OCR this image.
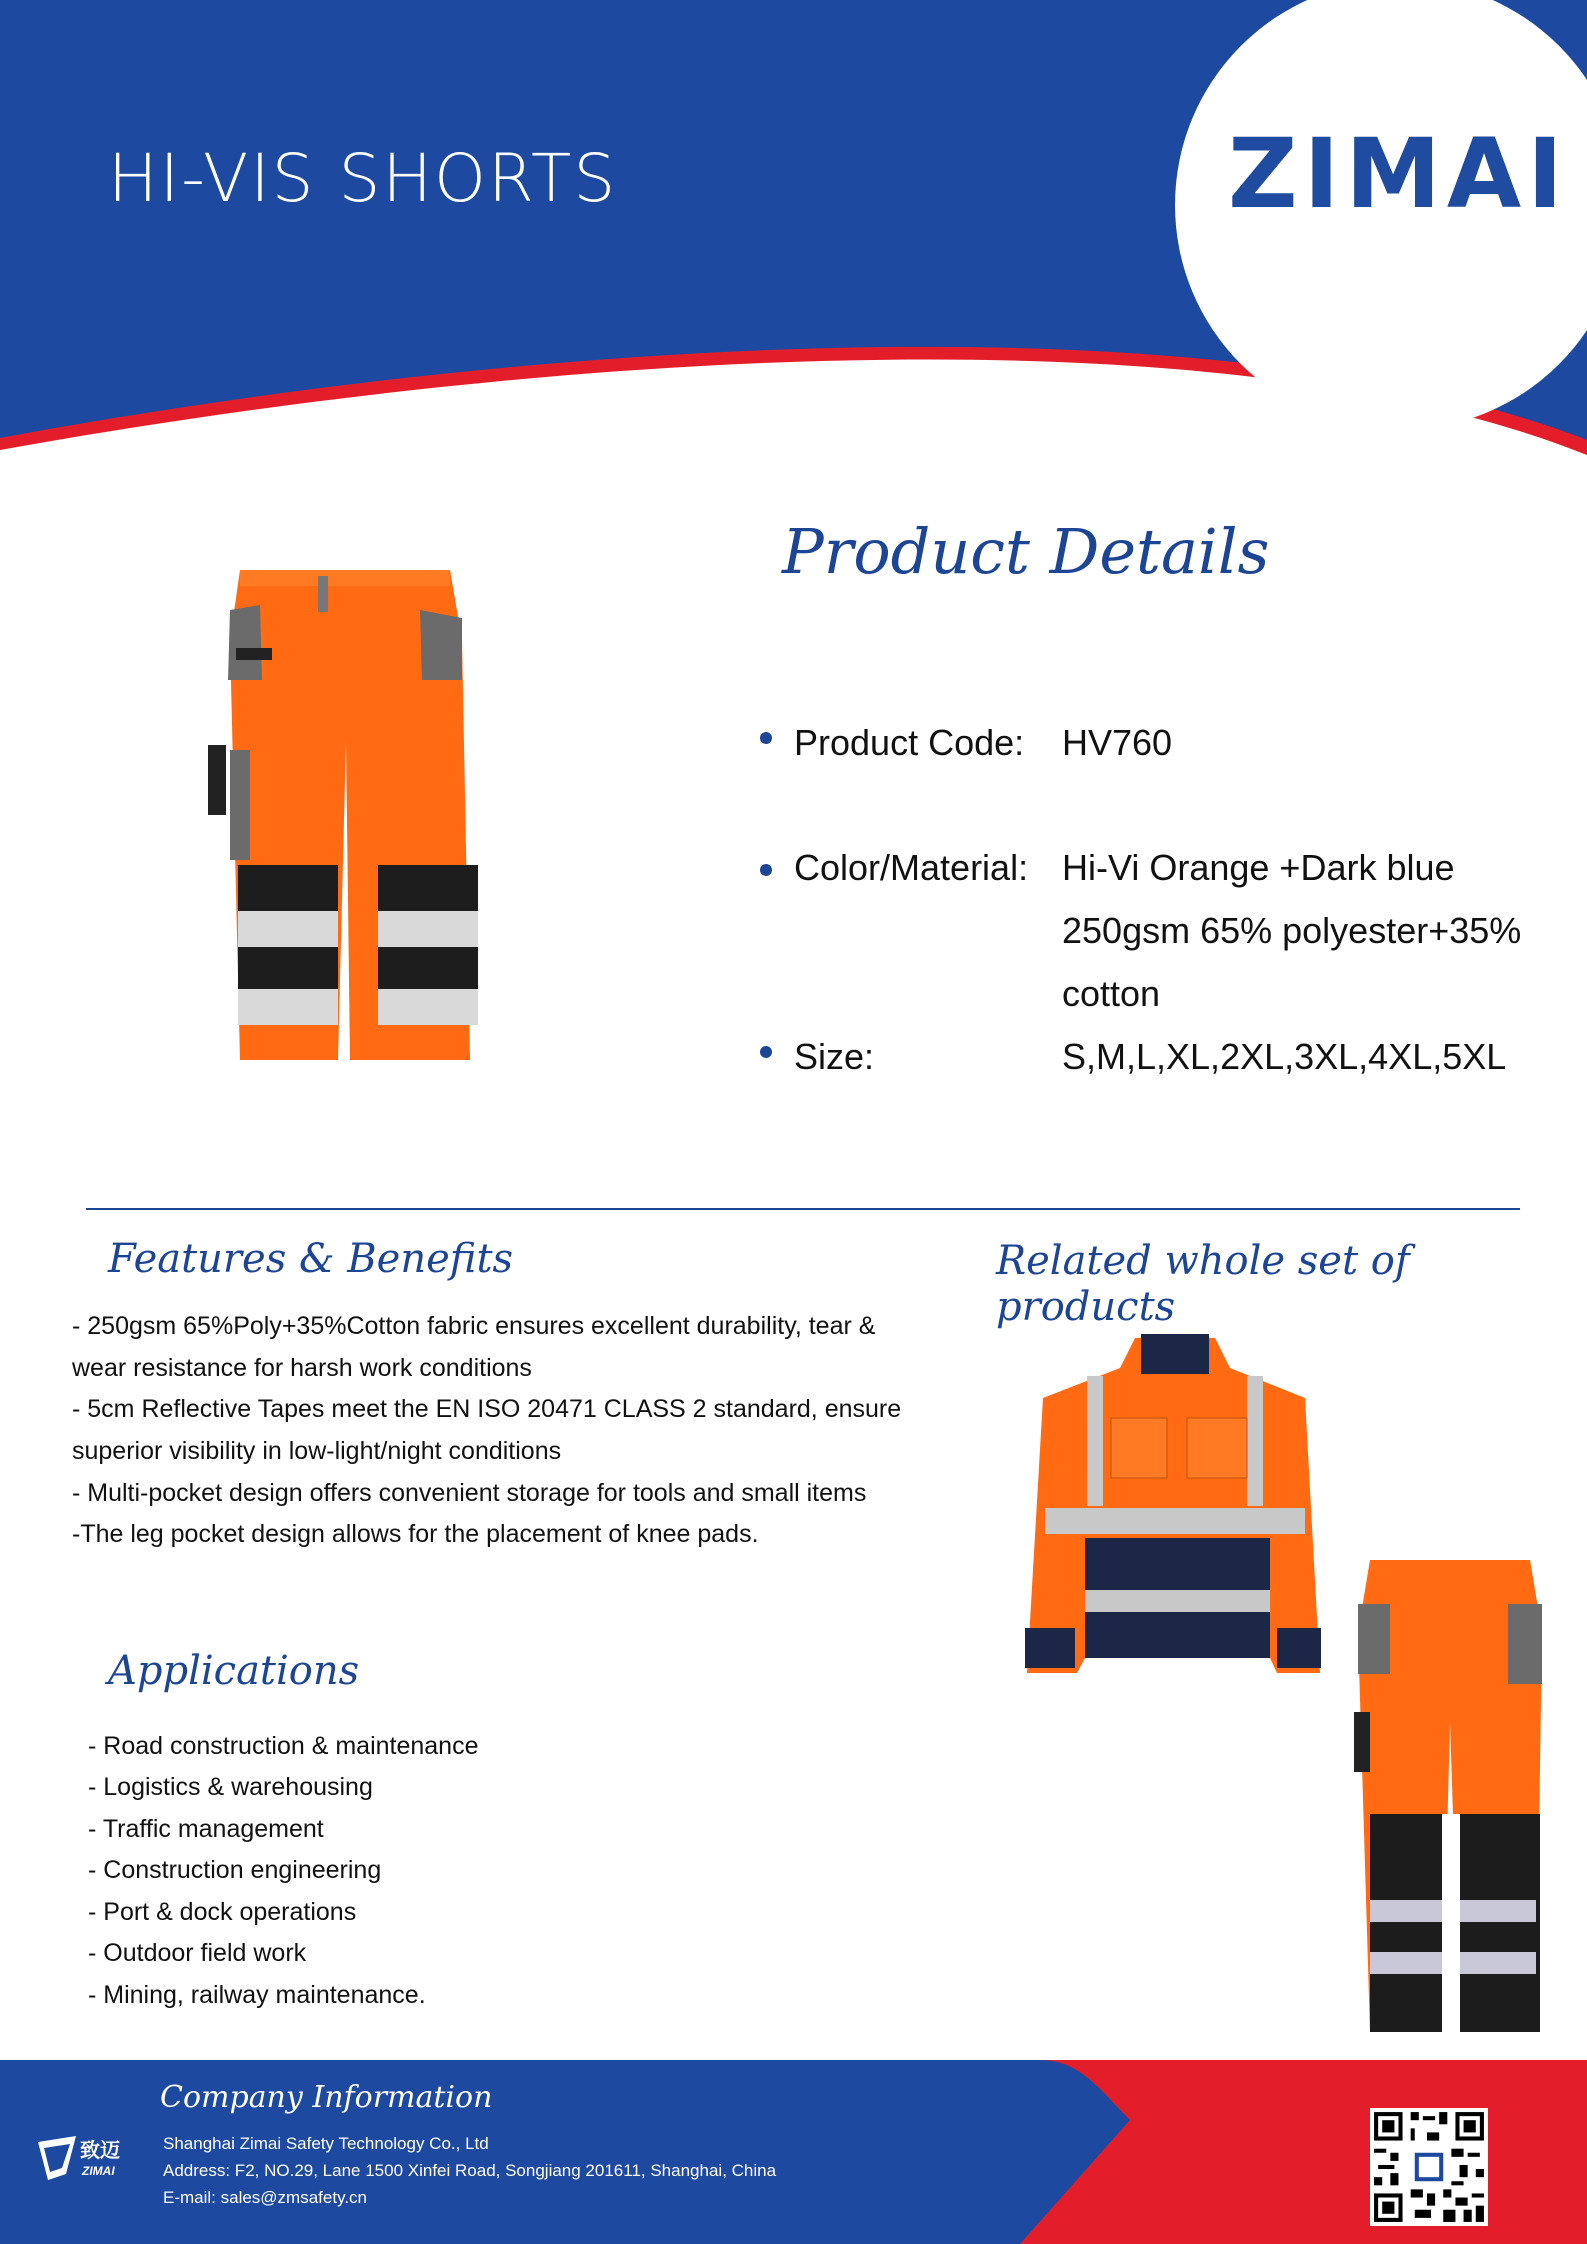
HI-VIS SHORTS	ZIMAI
Product Details
Product Code: HV760
Color/Material: Hi-Vi Orange +Dark blue
250gsm 65% polyester+35%
cotton
Size:	S,M,L,XL,2XL,3XL,4XL,5XL
Features & Benefits
- 250gsm 65%Poly+35%Cotton fabric ensures excellent durability, tear &
wear resistance for harsh work conditions
- 5cm Reflective Tapes meet the EN ISO 20471 CLASS 2 standard, ensure
superior visibility in low-light/night conditions
- Multi-pocket design offers convenient storage for tools and small items
-The leg pocket design allows for the placement of knee pads.
Related whole set of products
Applications
- Road construction & maintenance
- Logistics & warehousing
- Traffic management
- Construction engineering
- Port & dock operations
- Outdoor field work
- Mining, railway maintenance.
Company Information
Shanghai Zimai Safety Technology Co., Ltd
Address: F2, NO.29, Lane 1500 Xinfei Road, Songjiang 201611, Shanghai, China
E-mail: sales@zmsafety.cn
致迈
ZIMAI
